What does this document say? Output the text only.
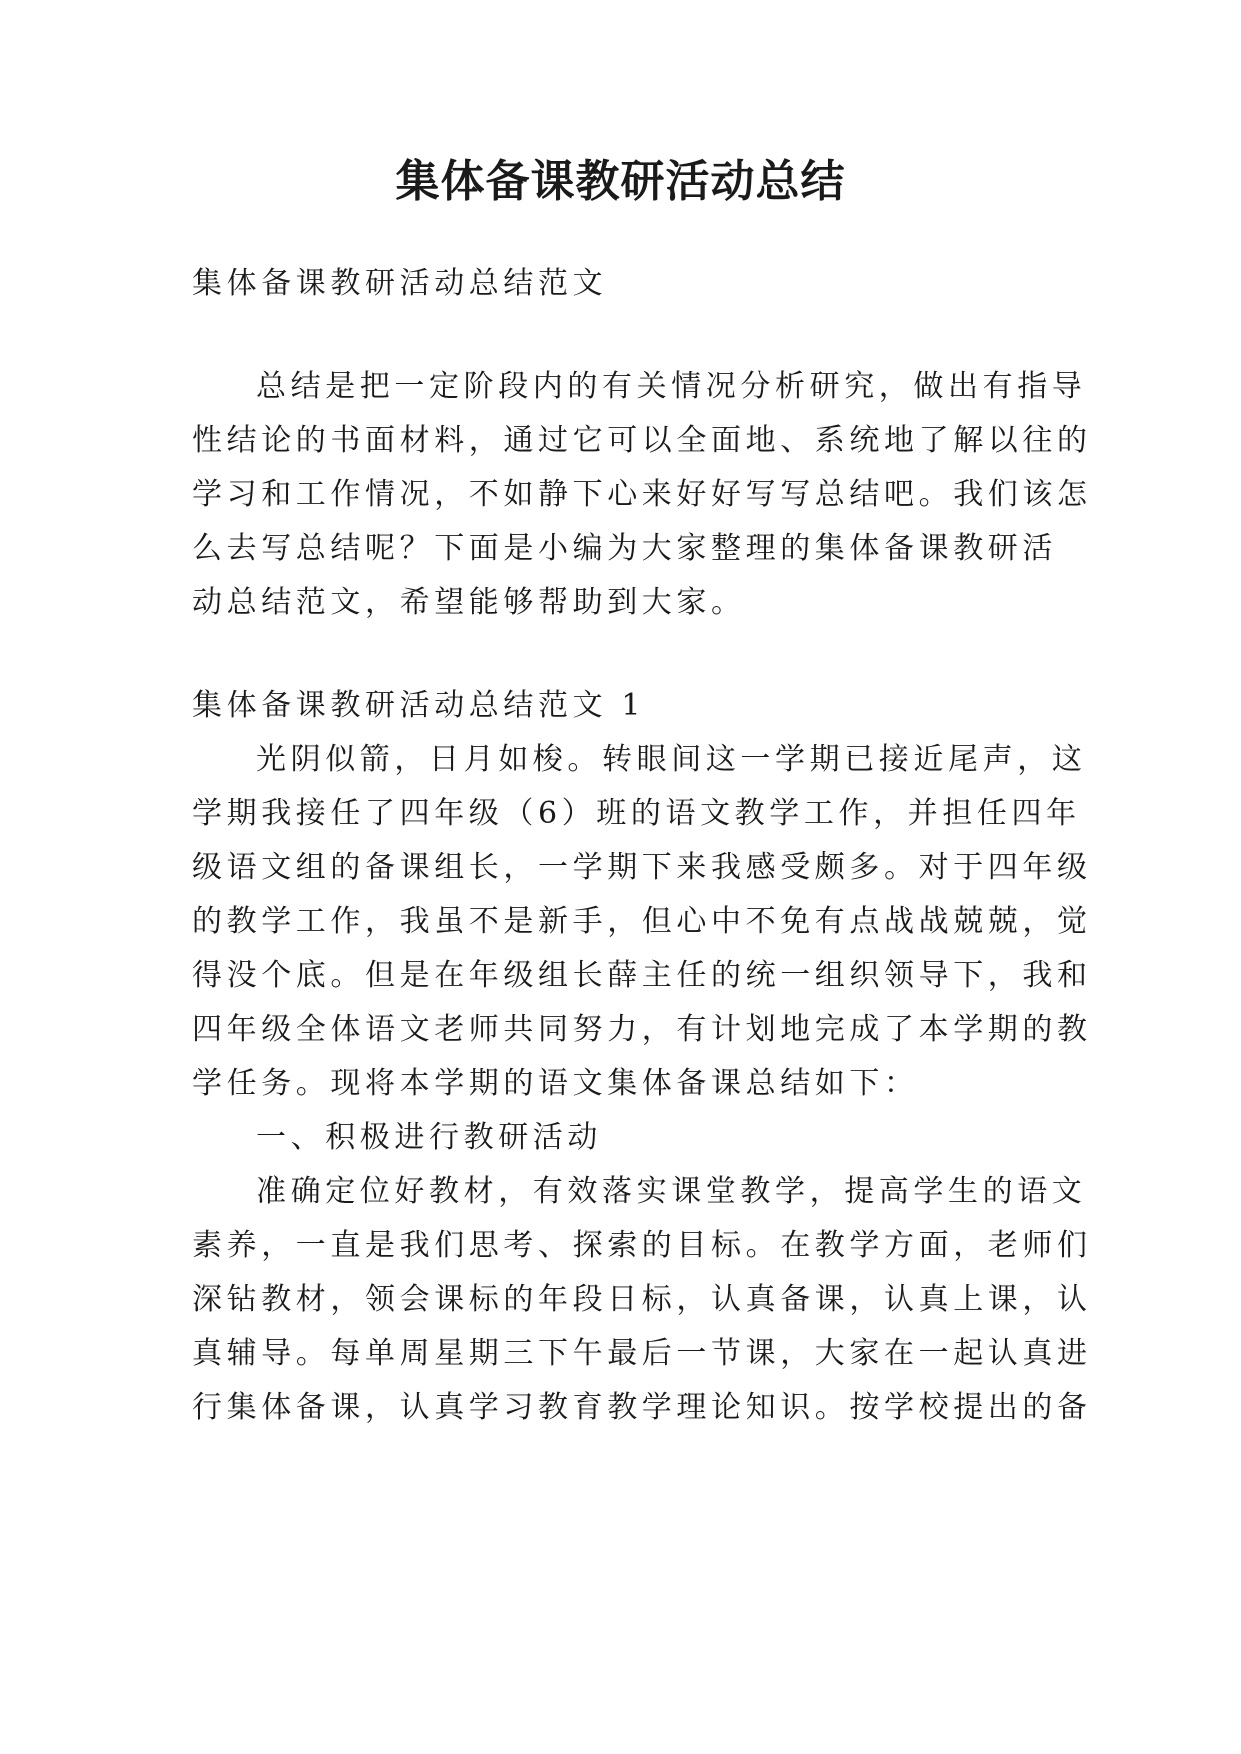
集体备课教研活动总结
集体备课教研活动总结范文
总结是把一定阶段内的有关情况分析研究，做出有指导
性结论的书面材料，通过它可以全面地、系统地了解以往的
学习和工作情况，不如静下心来好好写写总结吧。我们该怎
么去写总结呢？下面是小编为大家整理的集体备课教研活
动总结范文，希望能够帮助到大家。
集体备课教研活动总结范文 1
光阴似箭，日月如梭。转眼间这一学期已接近尾声，这
学期我接任了四年级（6）班的语文教学工作，并担任四年
级语文组的备课组长，一学期下来我感受颇多。对于四年级
的教学工作，我虽不是新手，但心中不免有点战战兢兢，觉
得没个底。但是在年级组长薛主任的统一组织领导下，我和
四年级全体语文老师共同努力，有计划地完成了本学期的教
学任务。现将本学期的语文集体备课总结如下：
一、积极进行教研活动
准确定位好教材，有效落实课堂教学，提高学生的语文
素养，一直是我们思考、探索的目标。在教学方面，老师们
深钻教材，领会课标的年段日标，认真备课，认真上课，认
真辅导。每单周星期三下午最后一节课，大家在一起认真进
行集体备课，认真学习教育教学理论知识。按学校提出的备
